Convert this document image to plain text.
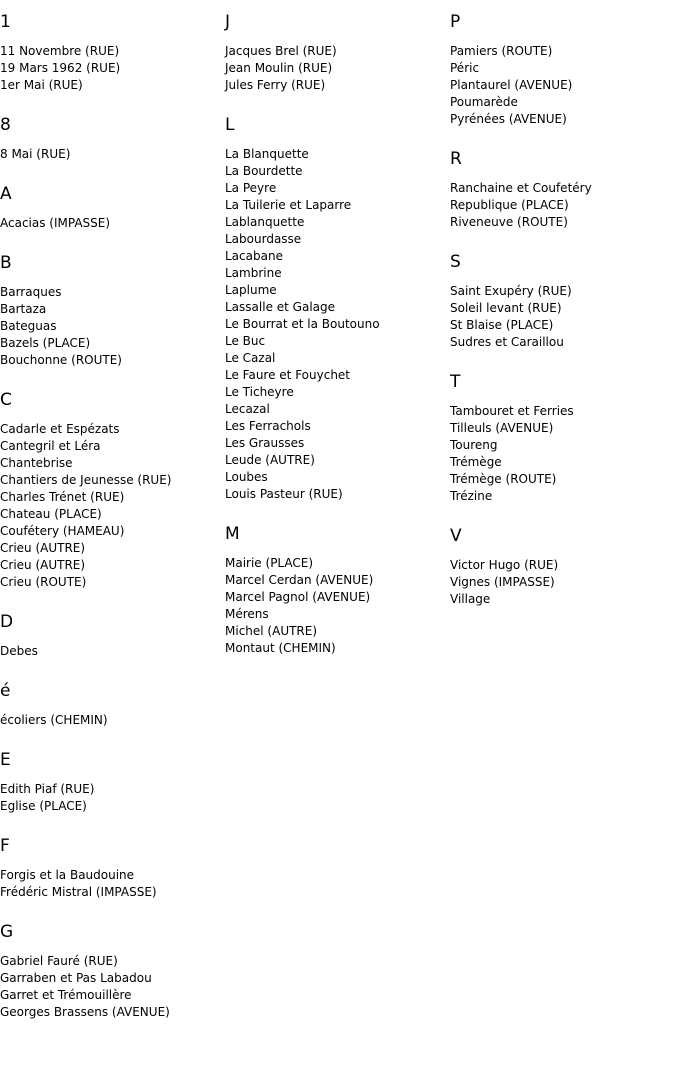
1
11 Novembre (RUE)
19 Mars 1962 (RUE)
1er Mai (RUE)
8
8 Mai (RUE)
A
Acacias (IMPASSE)
B
Barraques
Bartaza
Bateguas
Bazels (PLACE)
Bouchonne (ROUTE)
C
Cadarle et Espézats
Cantegril et Léra
Chantebrise
Chantiers de Jeunesse (RUE)
Charles Trénet (RUE)
Chateau (PLACE)
Coufétery (HAMEAU)
Crieu (AUTRE)
Crieu (AUTRE)
Crieu (ROUTE)
D
Debes
é
écoliers (CHEMIN)
E
Edith Piaf (RUE)
Eglise (PLACE)
F
Forgis et la Baudouine
Frédéric Mistral (IMPASSE)
G
Gabriel Fauré (RUE)
Garraben et Pas Labadou
Garret et Trémouillère
Georges Brassens (AVENUE)
J
Jacques Brel (RUE)
Jean Moulin (RUE)
Jules Ferry (RUE)
L
La Blanquette
La Bourdette
La Peyre
La Tuilerie et Laparre
Lablanquette
Labourdasse
Lacabane
Lambrine
Laplume
Lassalle et Galage
Le Bourrat et la Boutouno
Le Buc
Le Cazal
Le Faure et Fouychet
Le Ticheyre
Lecazal
Les Ferrachols
Les Grausses
Leude (AUTRE)
Loubes
Louis Pasteur (RUE)
M
Mairie (PLACE)
Marcel Cerdan (AVENUE)
Marcel Pagnol (AVENUE)
Mérens
Michel (AUTRE)
Montaut (CHEMIN)
P
Pamiers (ROUTE)
Péric
Plantaurel (AVENUE)
Poumarède
Pyrénées (AVENUE)
R
Ranchaine et Coufetéry
Republique (PLACE)
Riveneuve (ROUTE)
S
Saint Exupéry (RUE)
Soleil levant (RUE)
St Blaise (PLACE)
Sudres et Caraillou
T
Tambouret et Ferries
Tilleuls (AVENUE)
Toureng
Trémège
Trémège (ROUTE)
Trézine
V
Victor Hugo (RUE)
Vignes (IMPASSE)
Village
